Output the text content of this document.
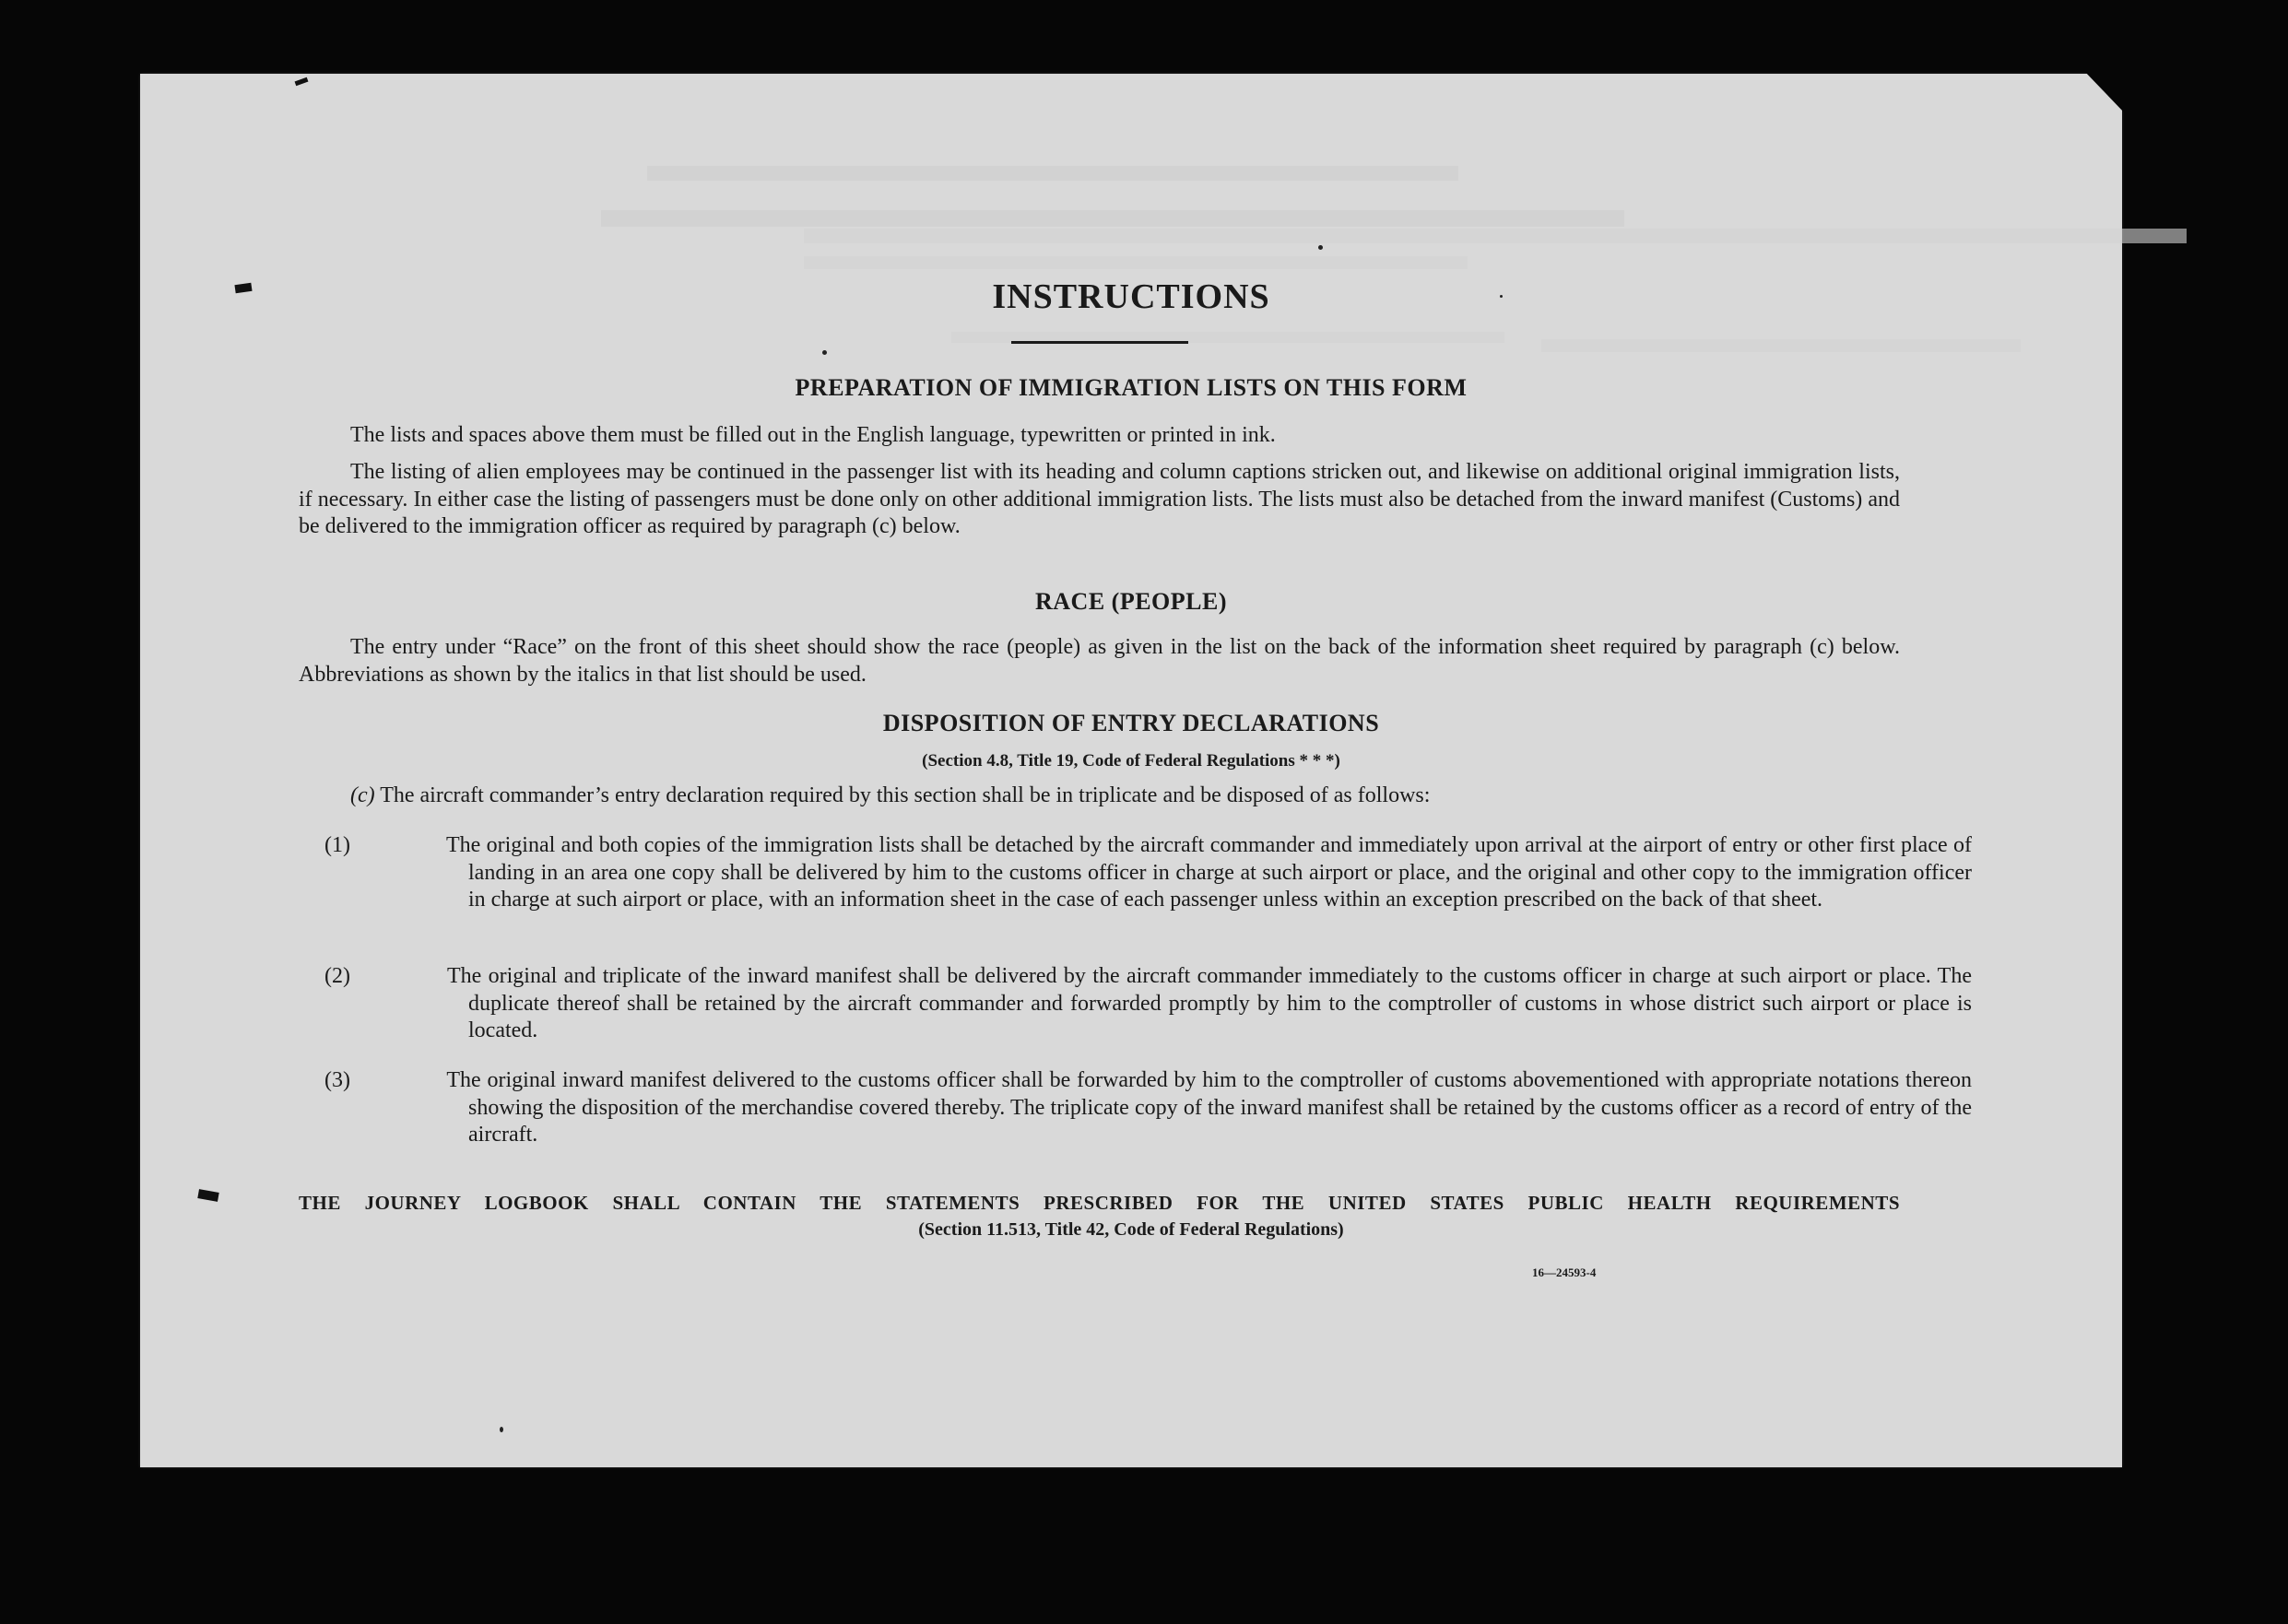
INSTRUCTIONS
PREPARATION OF IMMIGRATION LISTS ON THIS FORM
The lists and spaces above them must be filled out in the English language, typewritten or printed in ink.
The listing of alien employees may be continued in the passenger list with its heading and column captions stricken out, and likewise on additional original immigration lists, if necessary. In either case the listing of passengers must be done only on other additional immigration lists. The lists must also be detached from the inward manifest (Customs) and be delivered to the immigration officer as required by paragraph (c) below.
RACE (PEOPLE)
The entry under “Race” on the front of this sheet should show the race (people) as given in the list on the back of the information sheet required by paragraph (c) below. Abbreviations as shown by the italics in that list should be used.
DISPOSITION OF ENTRY DECLARATIONS
(Section 4.8, Title 19, Code of Federal Regulations * * *)
(c) The aircraft commander’s entry declaration required by this section shall be in triplicate and be disposed of as follows:
(1)	The original and both copies of the immigration lists shall be detached by the aircraft commander and immediately upon arrival at the airport of entry or other first place of landing in an area one copy shall be delivered by him to the customs officer in charge at such airport or place, and the original and other copy to the immigration officer in charge at such airport or place, with an information sheet in the case of each passenger unless within an exception prescribed on the back of that sheet.
(2)	The original and triplicate of the inward manifest shall be delivered by the aircraft commander immediately to the customs officer in charge at such airport or place. The duplicate thereof shall be retained by the aircraft commander and forwarded promptly by him to the comptroller of customs in whose district such airport or place is located.
(3)	The original inward manifest delivered to the customs officer shall be forwarded by him to the comptroller of customs abovementioned with appropriate notations thereon showing the disposition of the merchandise covered thereby. The triplicate copy of the inward manifest shall be retained by the customs officer as a record of entry of the aircraft.
THE JOURNEY LOGBOOK SHALL CONTAIN THE STATEMENTS PRESCRIBED FOR THE UNITED STATES PUBLIC HEALTH REQUIREMENTS
(Section 11.513, Title 42, Code of Federal Regulations)
16—24593-4
